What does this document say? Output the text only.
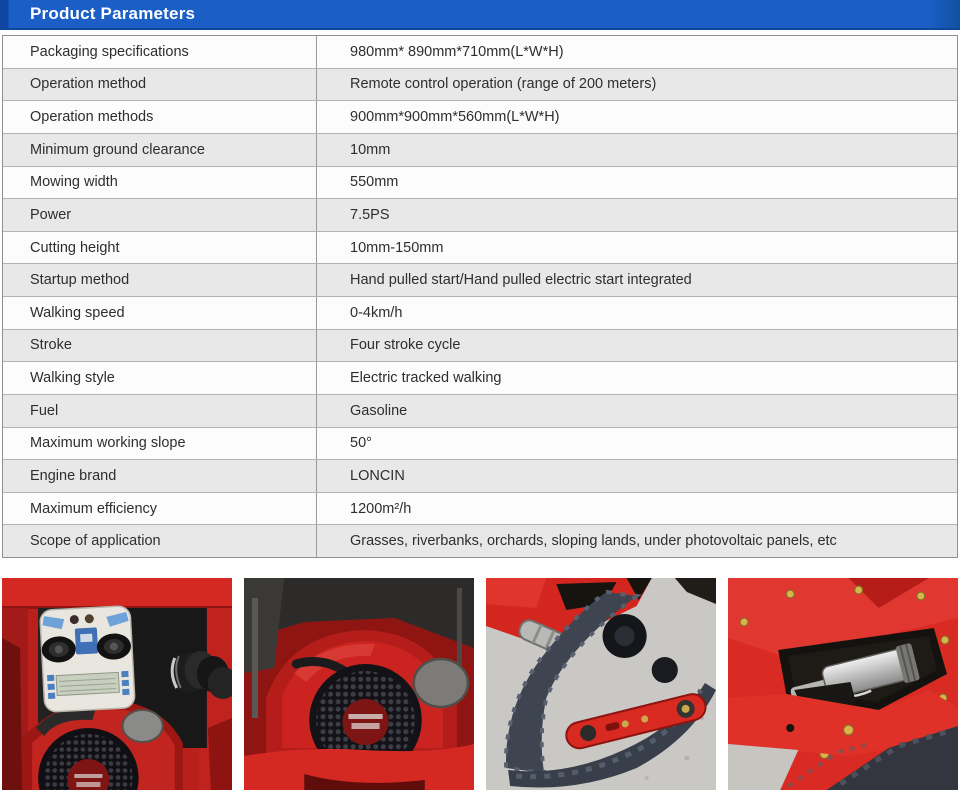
Product Parameters
Packaging specifications	980mm* 890mm*710mm(L*W*H)
Operation method	Remote control operation (range of 200 meters)
Operation methods	900mm*900mm*560mm(L*W*H)
Minimum ground clearance	10mm
Mowing width	550mm
Power	7.5PS
Cutting height	10mm-150mm
Startup method	Hand pulled start/Hand pulled electric start integrated
Walking speed	0-4km/h
Stroke	Four stroke cycle
Walking style	Electric tracked walking
Fuel	Gasoline
Maximum working slope	50°
Engine brand	LONCIN
Maximum efficiency	1200m²/h
Scope of application	Grasses, riverbanks, orchards, sloping lands, under photovoltaic panels, etc
